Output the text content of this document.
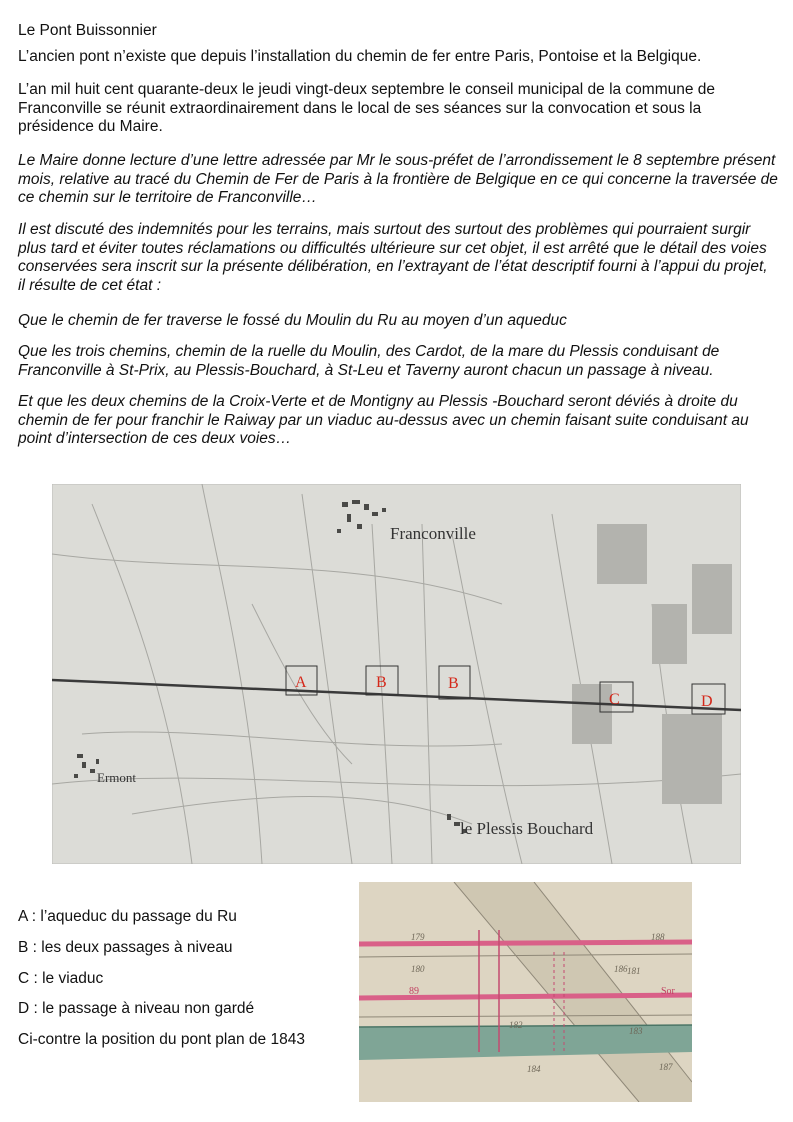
Le Pont Buissonnier

L’ancien pont n’existe que depuis l’installation du chemin de fer entre Paris, Pontoise et la Belgique.

L’an mil huit cent quarante-deux le jeudi vingt-deux septembre le conseil municipal de la commune de Franconville se réunit extraordinairement dans le local de ses séances sur la convocation et sous la présidence du Maire.

Le Maire donne lecture d’une lettre adressée par Mr le sous-préfet de l’arrondissement le 8 septembre présent mois, relative au tracé du Chemin de Fer de Paris à la frontière de Belgique en ce qui concerne la traversée de ce chemin sur le territoire de Franconville…

Il est discuté des indemnités pour les terrains, mais surtout des surtout des problèmes qui pourraient surgir plus tard et éviter toutes réclamations ou difficultés ultérieure sur cet objet, il est arrêté que le détail des voies conservées sera inscrit sur la présente délibération, en l’extrayant de l’état descriptif fourni à l’appui du projet, il résulte de cet état :

Que le chemin de fer traverse le fossé du Moulin du Ru au moyen d’un aqueduc

Que les trois chemins, chemin de la ruelle du Moulin, des Cardot, de la mare du Plessis conduisant de Franconville à St-Prix, au Plessis-Bouchard, à St-Leu et Taverny auront chacun un passage à niveau.

Et que les deux chemins de la Croix-Verte et de Montigny au Plessis -Bouchard seront déviés à droite du chemin de fer pour franchir le Raiway par un viaduc au-dessus avec un chemin faisant suite conduisant au point d’intersection de ces deux voies…

Franconville
Ermont
le Plessis Bouchard
A	B	B
C	D
179
180	181
182
183
184
186
187
188
89	Sor

A : l’aqueduc du passage du Ru

B : les deux passages à niveau

C : le viaduc

D : le passage à niveau non gardé

Ci-contre la position du pont plan de 1843
